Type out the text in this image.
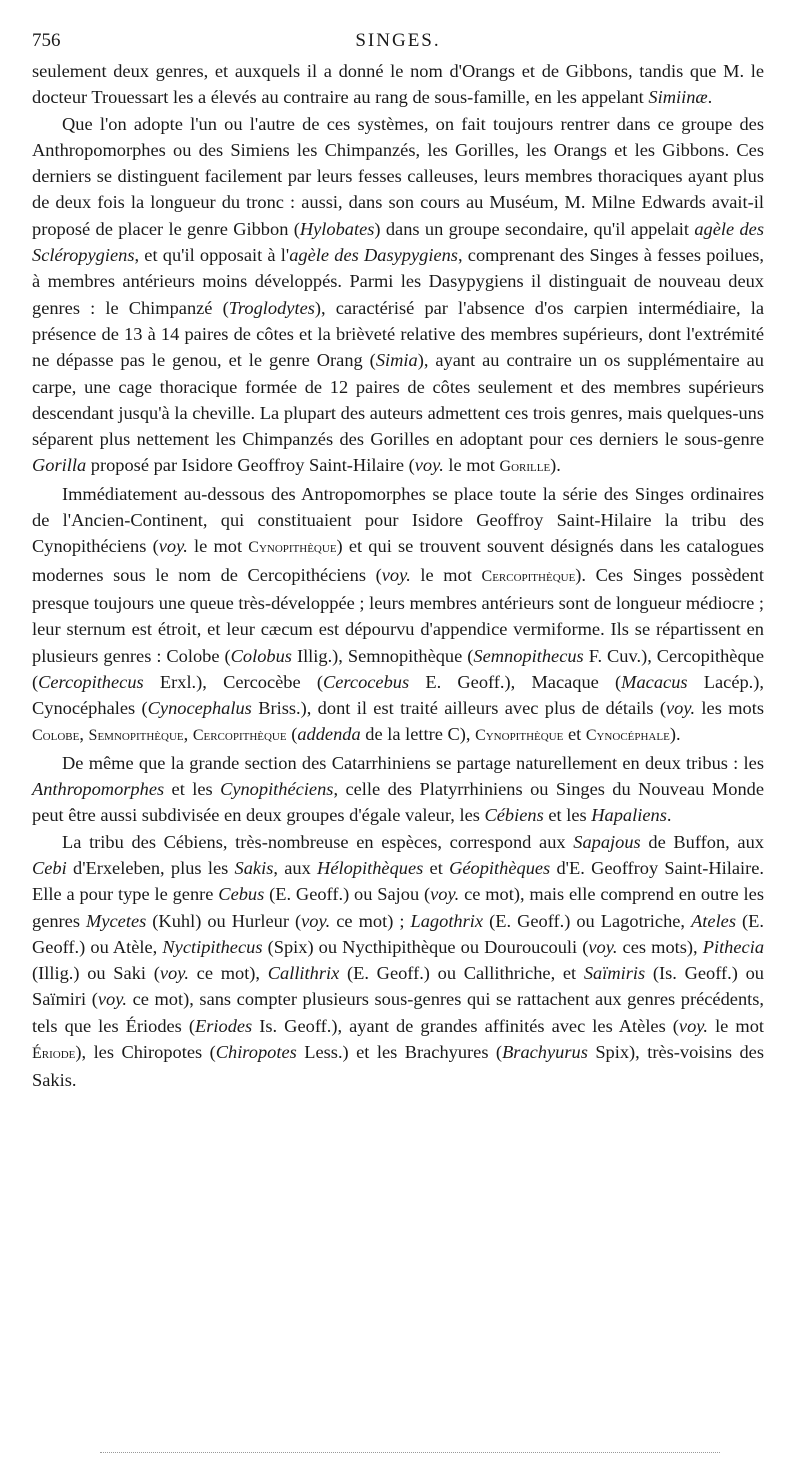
756	SINGES.

seulement deux genres, et auxquels il a donné le nom d'Orangs et de Gibbons, tandis que M. le docteur Trouessart les a élevés au contraire au rang de sous-famille, en les appelant Simiinæ.

Que l'on adopte l'un ou l'autre de ces systèmes, on fait toujours rentrer dans ce groupe des Anthropomorphes ou des Simiens les Chimpanzés, les Gorilles, les Orangs et les Gibbons. Ces derniers se distinguent facilement par leurs fesses calleuses, leurs membres thoraciques ayant plus de deux fois la longueur du tronc : aussi, dans son cours au Muséum, M. Milne Edwards avait-il proposé de placer le genre Gibbon (Hylobates) dans un groupe secondaire, qu'il appelait agèle des Scléropygiens, et qu'il opposait à l'agèle des Dasypygiens, comprenant des Singes à fesses poilues, à membres antérieurs moins développés. Parmi les Dasypygiens il distinguait de nouveau deux genres : le Chimpanzé (Troglodytes), caractérisé par l'absence d'os carpien intermédiaire, la présence de 13 à 14 paires de côtes et la brièveté relative des membres supérieurs, dont l'extrémité ne dépasse pas le genou, et le genre Orang (Simia), ayant au contraire un os supplémentaire au carpe, une cage thoracique formée de 12 paires de côtes seulement et des membres supérieurs descendant jusqu'à la cheville. La plupart des auteurs admettent ces trois genres, mais quelques-uns séparent plus nettement les Chimpanzés des Gorilles en adoptant pour ces derniers le sous-genre Gorilla proposé par Isidore Geoffroy Saint-Hilaire (voy. le mot Gorille).

Immédiatement au-dessous des Antropomorphes se place toute la série des Singes ordinaires de l'Ancien-Continent, qui constituaient pour Isidore Geoffroy Saint-Hilaire la tribu des Cynopithéciens (voy. le mot Cynopithèque) et qui se trouvent souvent désignés dans les catalogues modernes sous le nom de Cercopithéciens (voy. le mot Cercopithèque). Ces Singes possèdent presque toujours une queue très-développée ; leurs membres antérieurs sont de longueur médiocre ; leur sternum est étroit, et leur cæcum est dépourvu d'appendice vermiforme. Ils se répartissent en plusieurs genres : Colobe (Colobus Illig.), Semnopithèque (Semnopithecus F. Cuv.), Cercopithèque (Cercopithecus Erxl.), Cercocèbe (Cercocebus E. Geoff.), Macaque (Macacus Lacép.), Cynocéphales (Cynocephalus Briss.), dont il est traité ailleurs avec plus de détails (voy. les mots Colobe, Semnopithèque, Cercopithèque (addenda de la lettre C), Cynopithèque et Cynocéphale).

De même que la grande section des Catarrhiniens se partage naturellement en deux tribus : les Anthropomorphes et les Cynopithéciens, celle des Platyrrhiniens ou Singes du Nouveau Monde peut être aussi subdivisée en deux groupes d'égale valeur, les Cébiens et les Hapaliens.

La tribu des Cébiens, très-nombreuse en espèces, correspond aux Sapajous de Buffon, aux Cebi d'Erxeleben, plus les Sakis, aux Hélopithèques et Géopithèques d'E. Geoffroy Saint-Hilaire. Elle a pour type le genre Cebus (E. Geoff.) ou Sajou (voy. ce mot), mais elle comprend en outre les genres Mycetes (Kuhl) ou Hurleur (voy. ce mot) ; Lagothrix (E. Geoff.) ou Lagotriche, Ateles (E. Geoff.) ou Atèle, Nyctipithecus (Spix) ou Nycthipithèque ou Douroucouli (voy. ces mots), Pithecia (Illig.) ou Saki (voy. ce mot), Callithrix (E. Geoff.) ou Callithriche, et Saïmiris (Is. Geoff.) ou Saïmiri (voy. ce mot), sans compter plusieurs sous-genres qui se rattachent aux genres précédents, tels que les Ériodes (Eriodes Is. Geoff.), ayant de grandes affinités avec les Atèles (voy. le mot Ériode), les Chiropotes (Chiropotes Less.) et les Brachyures (Brachyurus Spix), très-voisins des Sakis.
